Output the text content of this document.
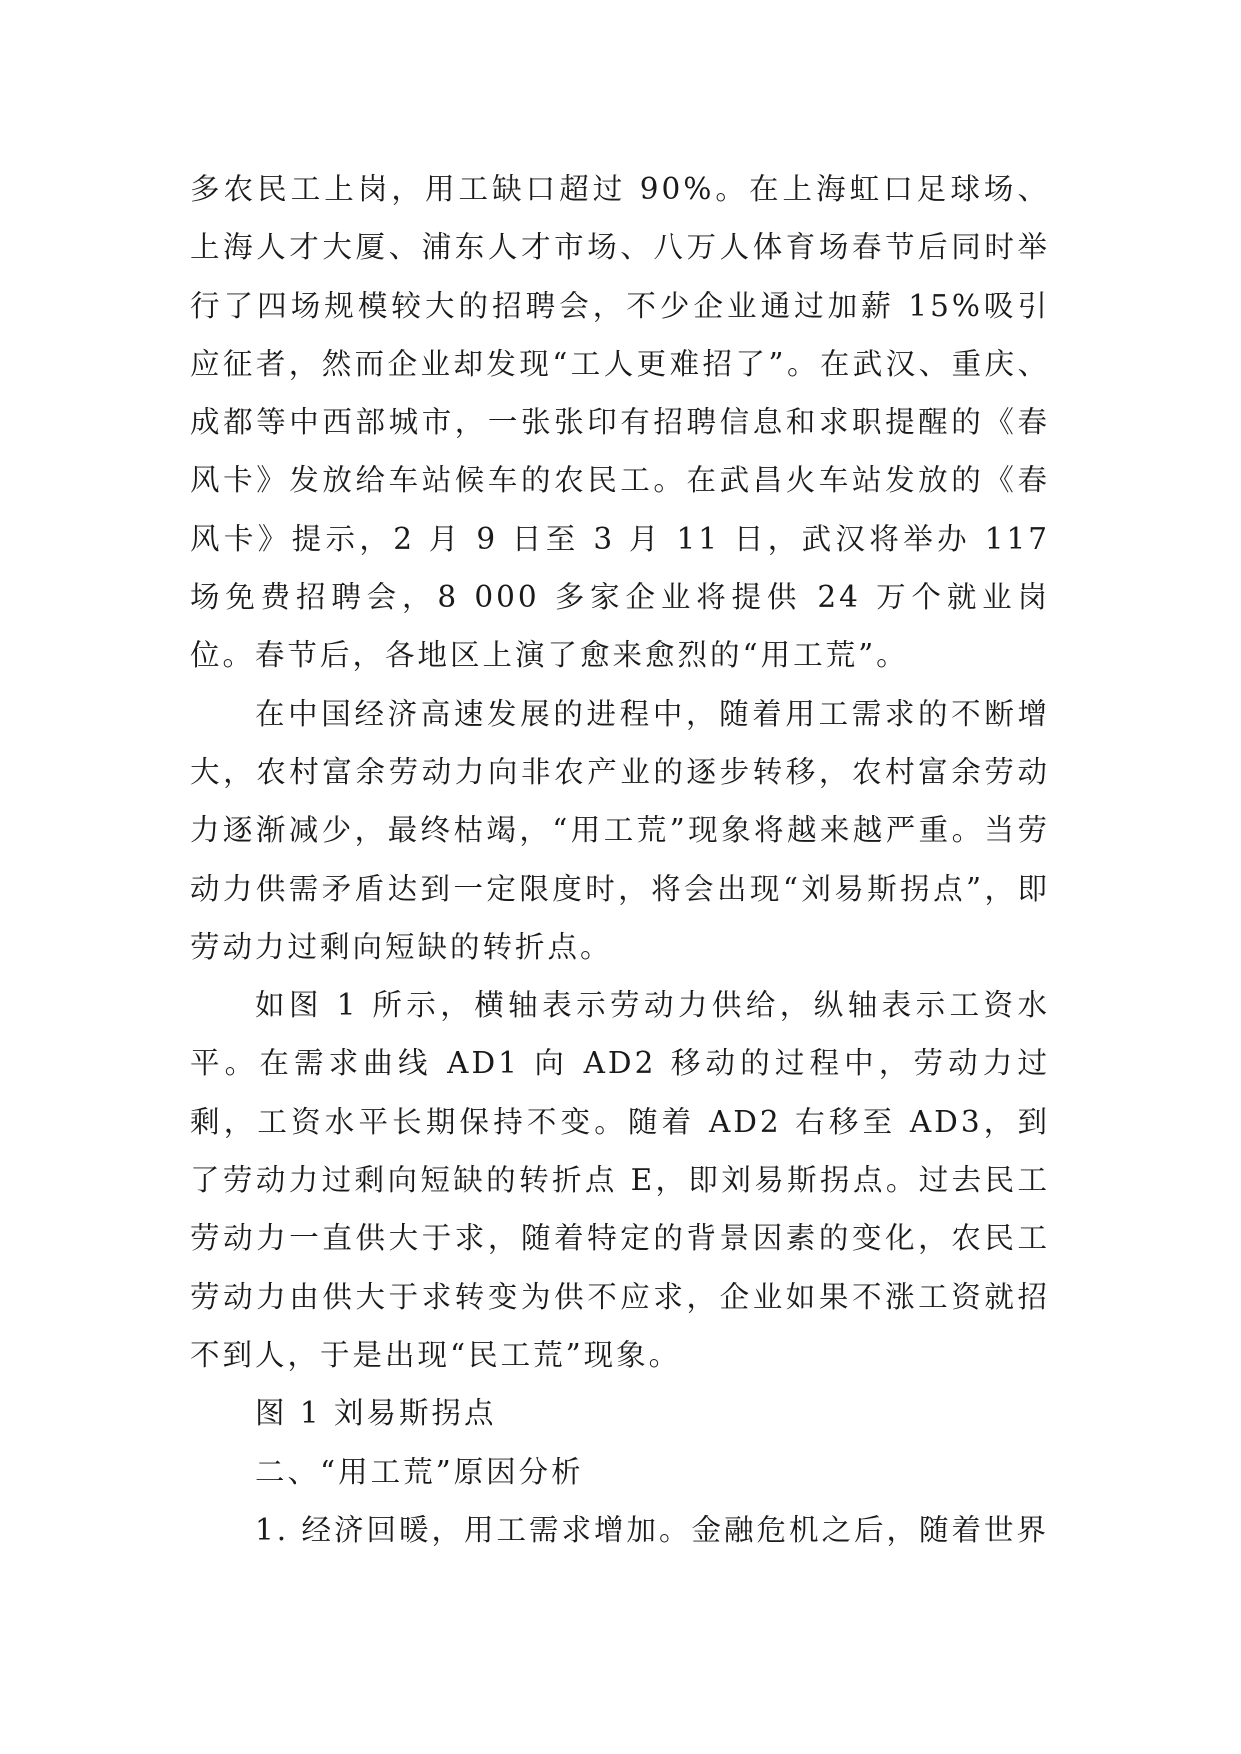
多农民工上岗，用工缺口超过 90%。在上海虹口足球场、上海人才大厦、浦东人才市场、八万人体育场春节后同时举行了四场规模较大的招聘会，不少企业通过加薪 15%吸引应征者，然而企业却发现“工人更难招了”。在武汉、重庆、成都等中西部城市，一张张印有招聘信息和求职提醒的《春风卡》发放给车站候车的农民工。在武昌火车站发放的《春风卡》提示，2 月 9 日至 3 月 11 日，武汉将举办 117 场免费招聘会，8 000 多家企业将提供 24 万个就业岗位。春节后，各地区上演了愈来愈烈的“用工荒”。

在中国经济高速发展的进程中，随着用工需求的不断增大，农村富余劳动力向非农产业的逐步转移，农村富余劳动力逐渐减少，最终枯竭，“用工荒”现象将越来越严重。当劳动力供需矛盾达到一定限度时，将会出现“刘易斯拐点”，即劳动力过剩向短缺的转折点。

如图 1 所示，横轴表示劳动力供给，纵轴表示工资水平。在需求曲线 AD1 向 AD2 移动的过程中，劳动力过剩，工资水平长期保持不变。随着 AD2 右移至 AD3，到了劳动力过剩向短缺的转折点 E，即刘易斯拐点。过去民工劳动力一直供大于求，随着特定的背景因素的变化，农民工劳动力由供大于求转变为供不应求，企业如果不涨工资就招不到人，于是出现“民工荒”现象。

图 1 刘易斯拐点

二、“用工荒”原因分析

1. 经济回暖，用工需求增加。金融危机之后，随着世界
